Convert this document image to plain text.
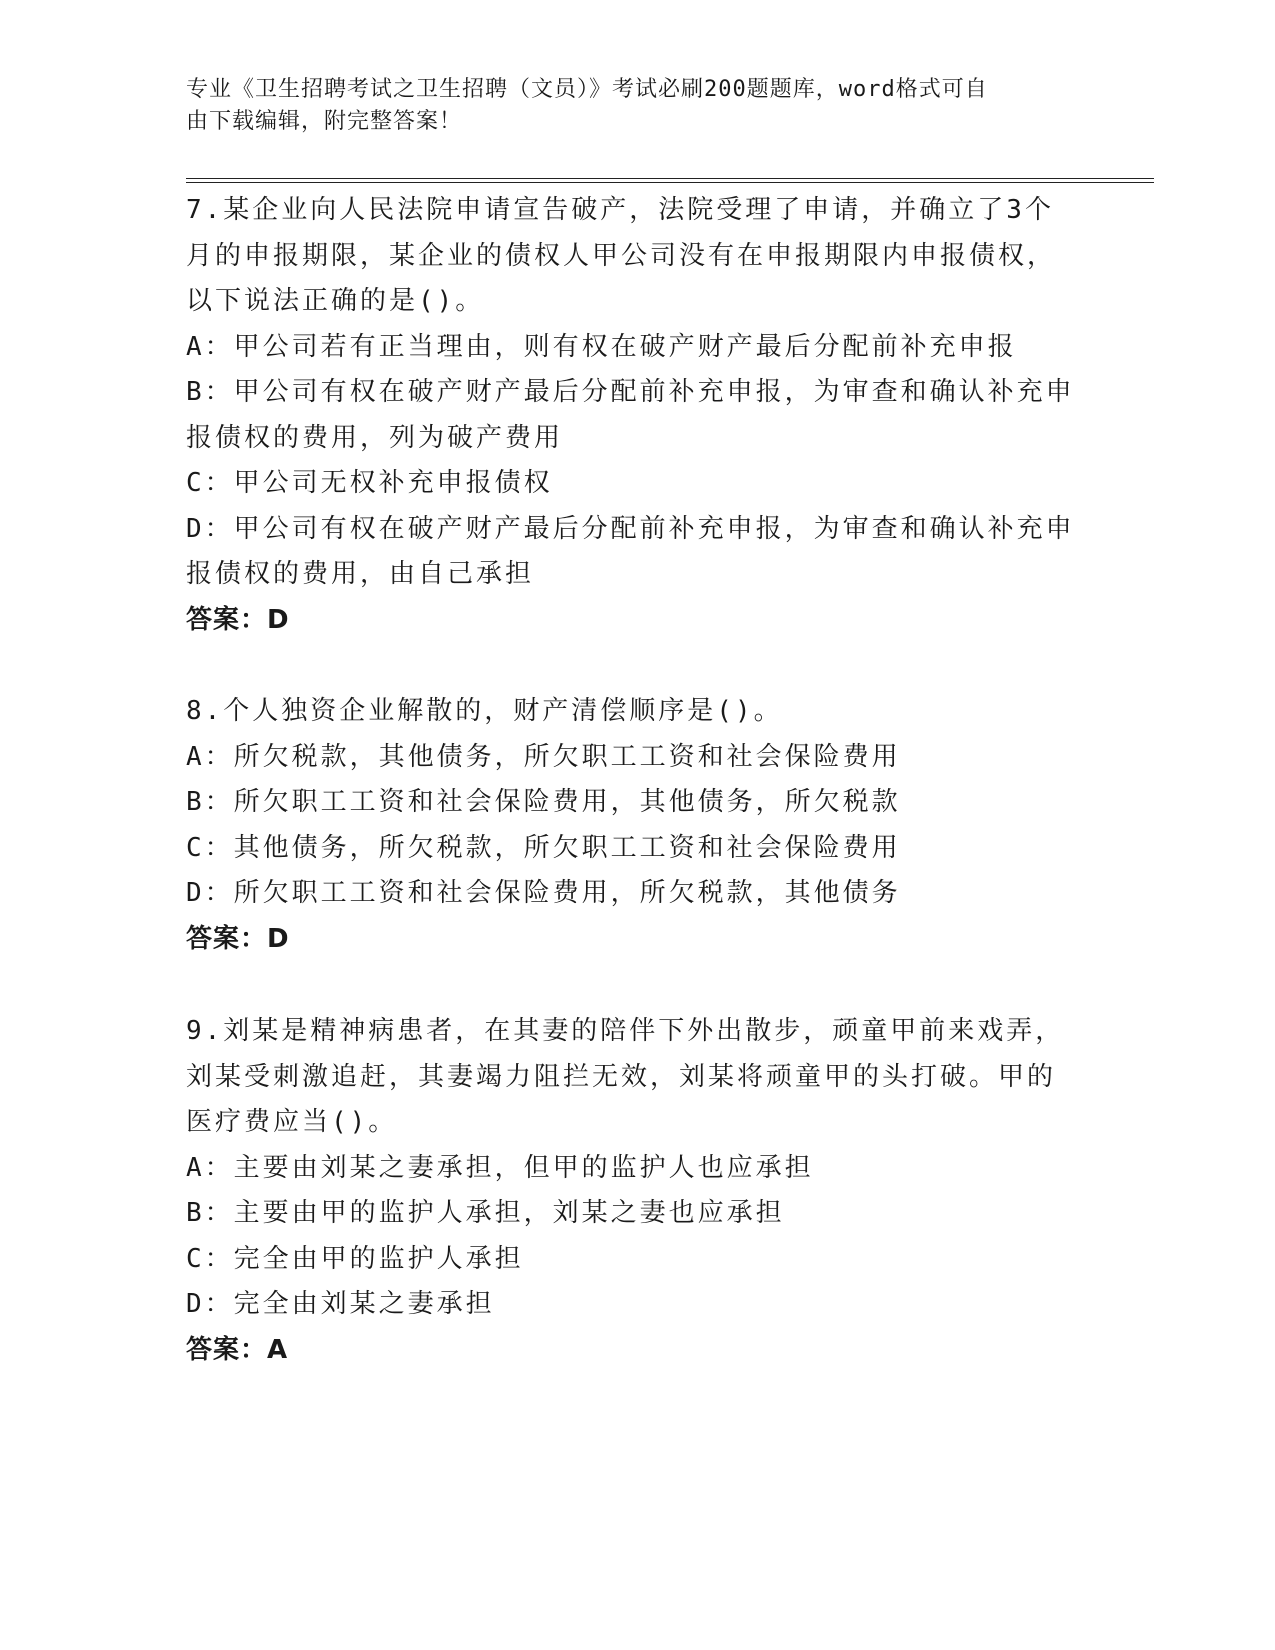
专业《卫生招聘考试之卫生招聘（文员）》考试必刷200题题库，word格式可自
由下载编辑，附完整答案！
7.某企业向人民法院申请宣告破产，法院受理了申请，并确立了3个
月的申报期限，某企业的债权人甲公司没有在申报期限内申报债权，
以下说法正确的是()。
A：甲公司若有正当理由，则有权在破产财产最后分配前补充申报
B：甲公司有权在破产财产最后分配前补充申报，为审查和确认补充申
报债权的费用，列为破产费用
C：甲公司无权补充申报债权
D：甲公司有权在破产财产最后分配前补充申报，为审查和确认补充申
报债权的费用，由自己承担
答案：D
8.个人独资企业解散的，财产清偿顺序是()。
A：所欠税款，其他债务，所欠职工工资和社会保险费用
B：所欠职工工资和社会保险费用，其他债务，所欠税款
C：其他债务，所欠税款，所欠职工工资和社会保险费用
D：所欠职工工资和社会保险费用，所欠税款，其他债务
答案：D
9.刘某是精神病患者，在其妻的陪伴下外出散步，顽童甲前来戏弄，
刘某受刺激追赶，其妻竭力阻拦无效，刘某将顽童甲的头打破。甲的
医疗费应当()。
A：主要由刘某之妻承担，但甲的监护人也应承担
B：主要由甲的监护人承担，刘某之妻也应承担
C：完全由甲的监护人承担
D：完全由刘某之妻承担
答案：A
